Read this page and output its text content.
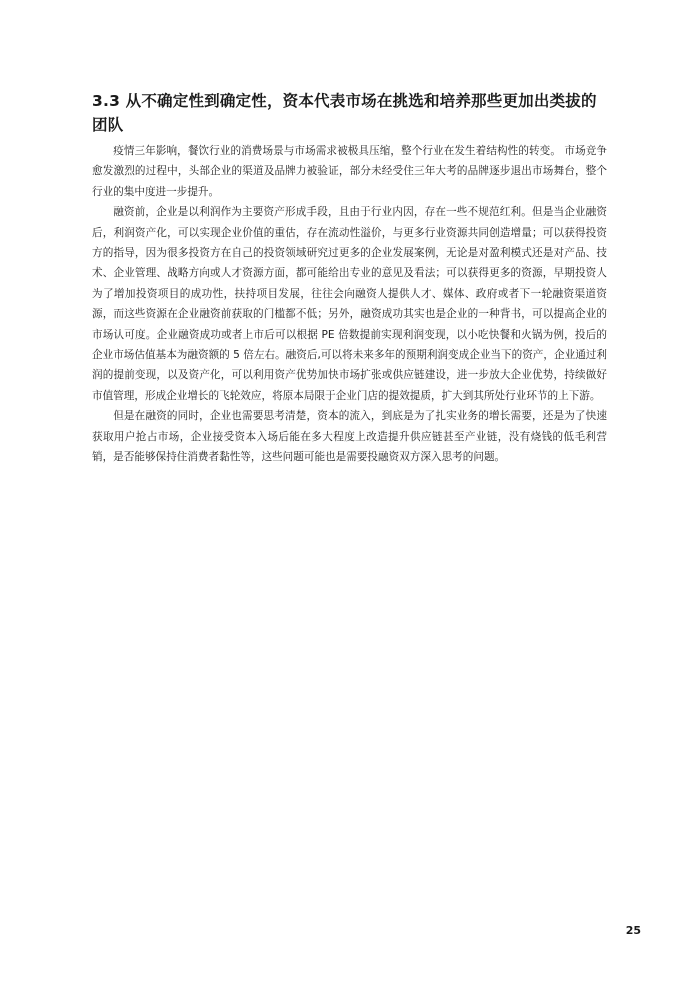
3.3 从不确定性到确定性，资本代表市场在挑选和培养那些更加出类拔的团队

疫情三年影响，餐饮行业的消费场景与市场需求被极具压缩，整个行业在发生着结构性的转变。 市场竞争愈发激烈的过程中，头部企业的渠道及品牌力被验证，部分未经受住三年大考的品牌逐步退出市场舞台，整个行业的集中度进一步提升。

融资前，企业是以利润作为主要资产形成手段，且由于行业内因，存在一些不规范红利。但是当企业融资后，利润资产化，可以实现企业价值的重估，存在流动性溢价，与更多行业资源共同创造增量；可以获得投资方的指导，因为很多投资方在自己的投资领域研究过更多的企业发展案例，无论是对盈利模式还是对产品、技术、企业管理、战略方向或人才资源方面，都可能给出专业的意见及看法；可以获得更多的资源，早期投资人为了增加投资项目的成功性，扶持项目发展，往往会向融资人提供人才、媒体、政府或者下一轮融资渠道资源，而这些资源在企业融资前获取的门槛都不低；另外，融资成功其实也是企业的一种背书，可以提高企业的市场认可度。企业融资成功或者上市后可以根据 PE 倍数提前实现利润变现，以小吃快餐和火锅为例，投后的企业市场估值基本为融资额的 5 倍左右。融资后,可以将未来多年的预期利润变成企业当下的资产，企业通过利润的提前变现，以及资产化，可以利用资产优势加快市场扩张或供应链建设，进一步放大企业优势，持续做好市值管理，形成企业增长的飞轮效应，将原本局限于企业门店的提效提质，扩大到其所处行业环节的上下游。

但是在融资的同时，企业也需要思考清楚，资本的流入，到底是为了扎实业务的增长需要，还是为了快速获取用户抢占市场，企业接受资本入场后能在多大程度上改造提升供应链甚至产业链，没有烧钱的低毛利营销，是否能够保持住消费者黏性等，这些问题可能也是需要投融资双方深入思考的问题。

25
